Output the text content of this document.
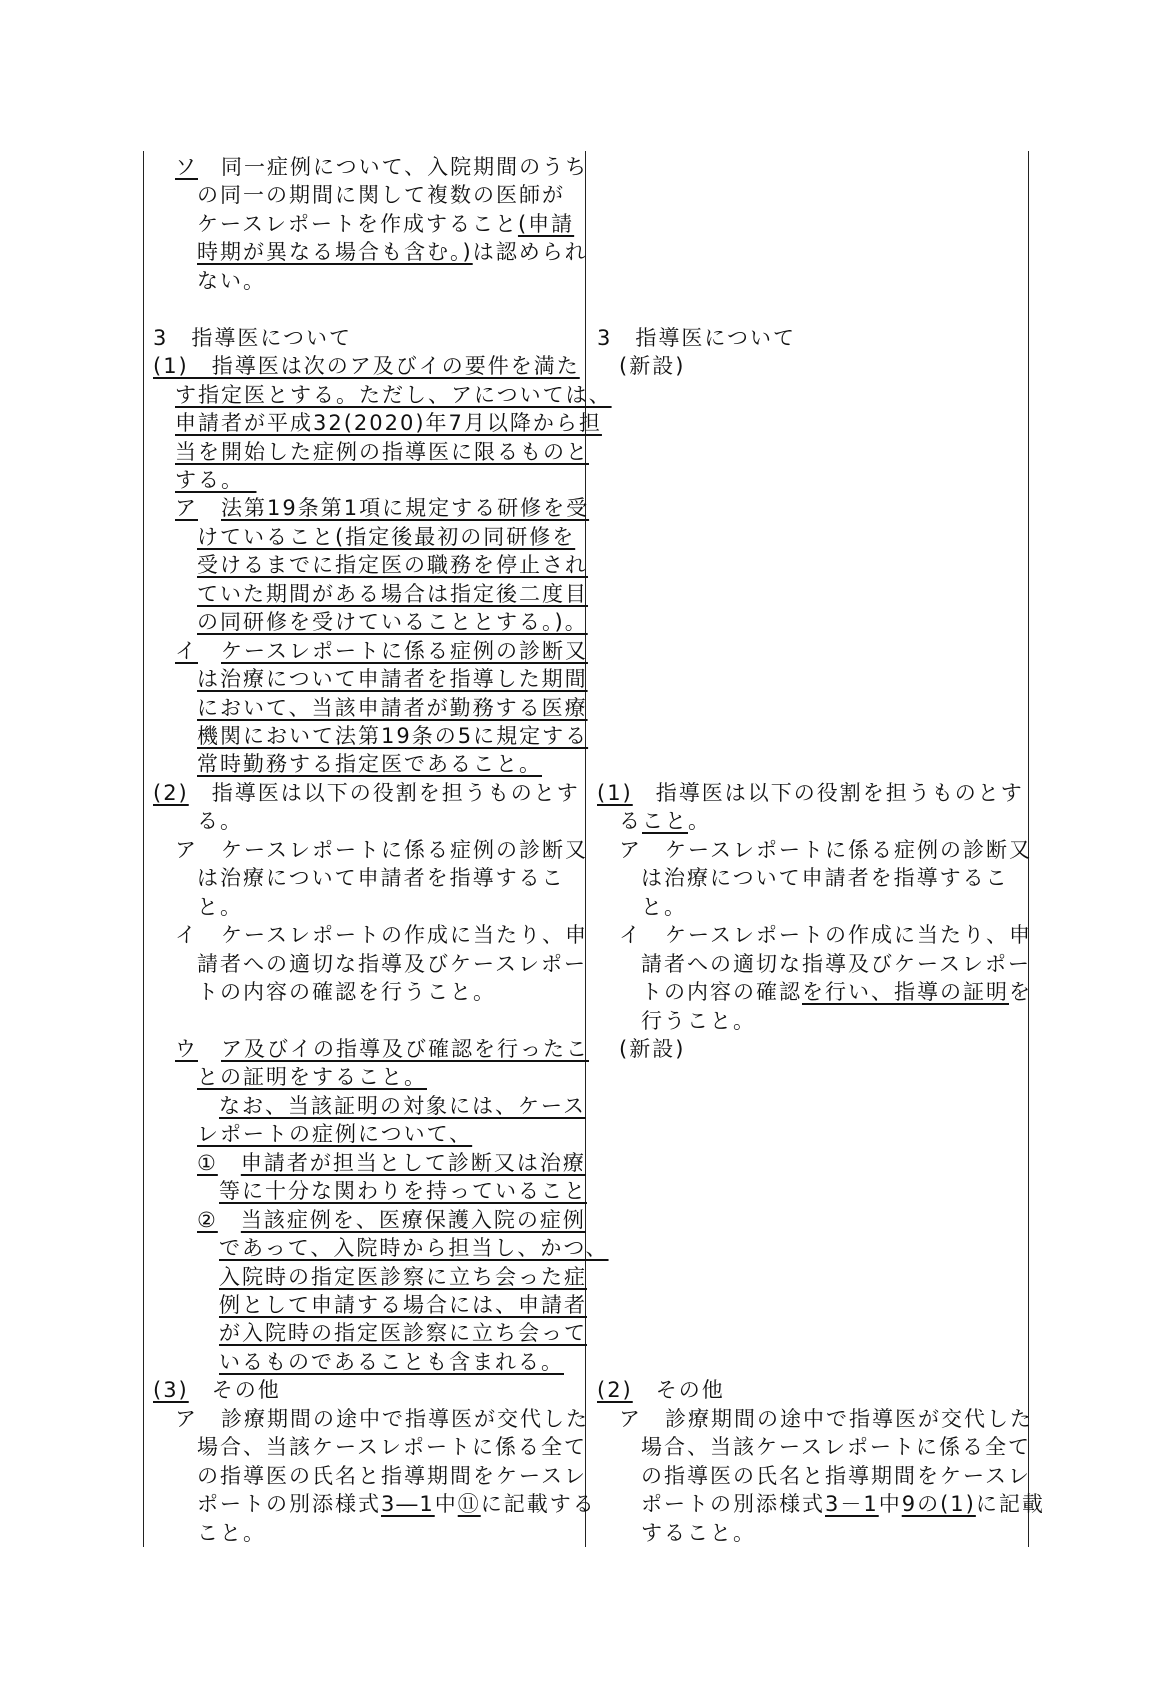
ソ　同一症例について、入院期間のうち
の同一の期間に関して複数の医師が
ケースレポートを作成すること(申請
時期が異なる場合も含む。)は認められ
ない。
3　指導医について
(1)　指導医は次のア及びイの要件を満た
す指定医とする。ただし、アについては、
申請者が平成32(2020)年7月以降から担
当を開始した症例の指導医に限るものと
する。　
ア　 法第19条第1項に規定する研修を受
けていること(指定後最初の同研修を
受けるまでに指定医の職務を停止され
ていた期間がある場合は指定後二度目
の同研修を受けていることとする。)。
イ　 ケースレポートに係る症例の診断又
は治療について申請者を指導した期間
において、当該申請者が勤務する医療
機関において法第19条の5に規定する
常時勤務する指定医であること。
(2)　指導医は以下の役割を担うものとす
る。
ア　ケースレポートに係る症例の診断又
は治療について申請者を指導するこ
と。
イ　ケースレポートの作成に当たり、申
請者への適切な指導及びケースレポー
トの内容の確認を行うこと。
ウ　 ア及びイの指導及び確認を行ったこ
との証明をすること。
なお、当該証明の対象には、ケース
レポートの症例について、
①　 申請者が担当として診断又は治療
等に十分な関わりを持っていること
②　 当該症例を、医療保護入院の症例
であって、入院時から担当し、かつ、
入院時の指定医診察に立ち会った症
例として申請する場合には、申請者
が入院時の指定医診察に立ち会って
いるものであることも含まれる。
(3)　その他
ア　診療期間の途中で指導医が交代した
場合、当該ケースレポートに係る全て
の指導医の氏名と指導期間をケースレ
ポートの別添様式3―1中⑪に記載する
こと。
3　指導医について
(新設)
(1)　指導医は以下の役割を担うものとす
ること。
ア　ケースレポートに係る症例の診断又
は治療について申請者を指導するこ
と。
イ　ケースレポートの作成に当たり、申
請者への適切な指導及びケースレポー
トの内容の確認を行い、指導の証明を
行うこと。
(新設)
(2)　その他
ア　診療期間の途中で指導医が交代した
場合、当該ケースレポートに係る全て
の指導医の氏名と指導期間をケースレ
ポートの別添様式3－1中9の(1)に記載
すること。
